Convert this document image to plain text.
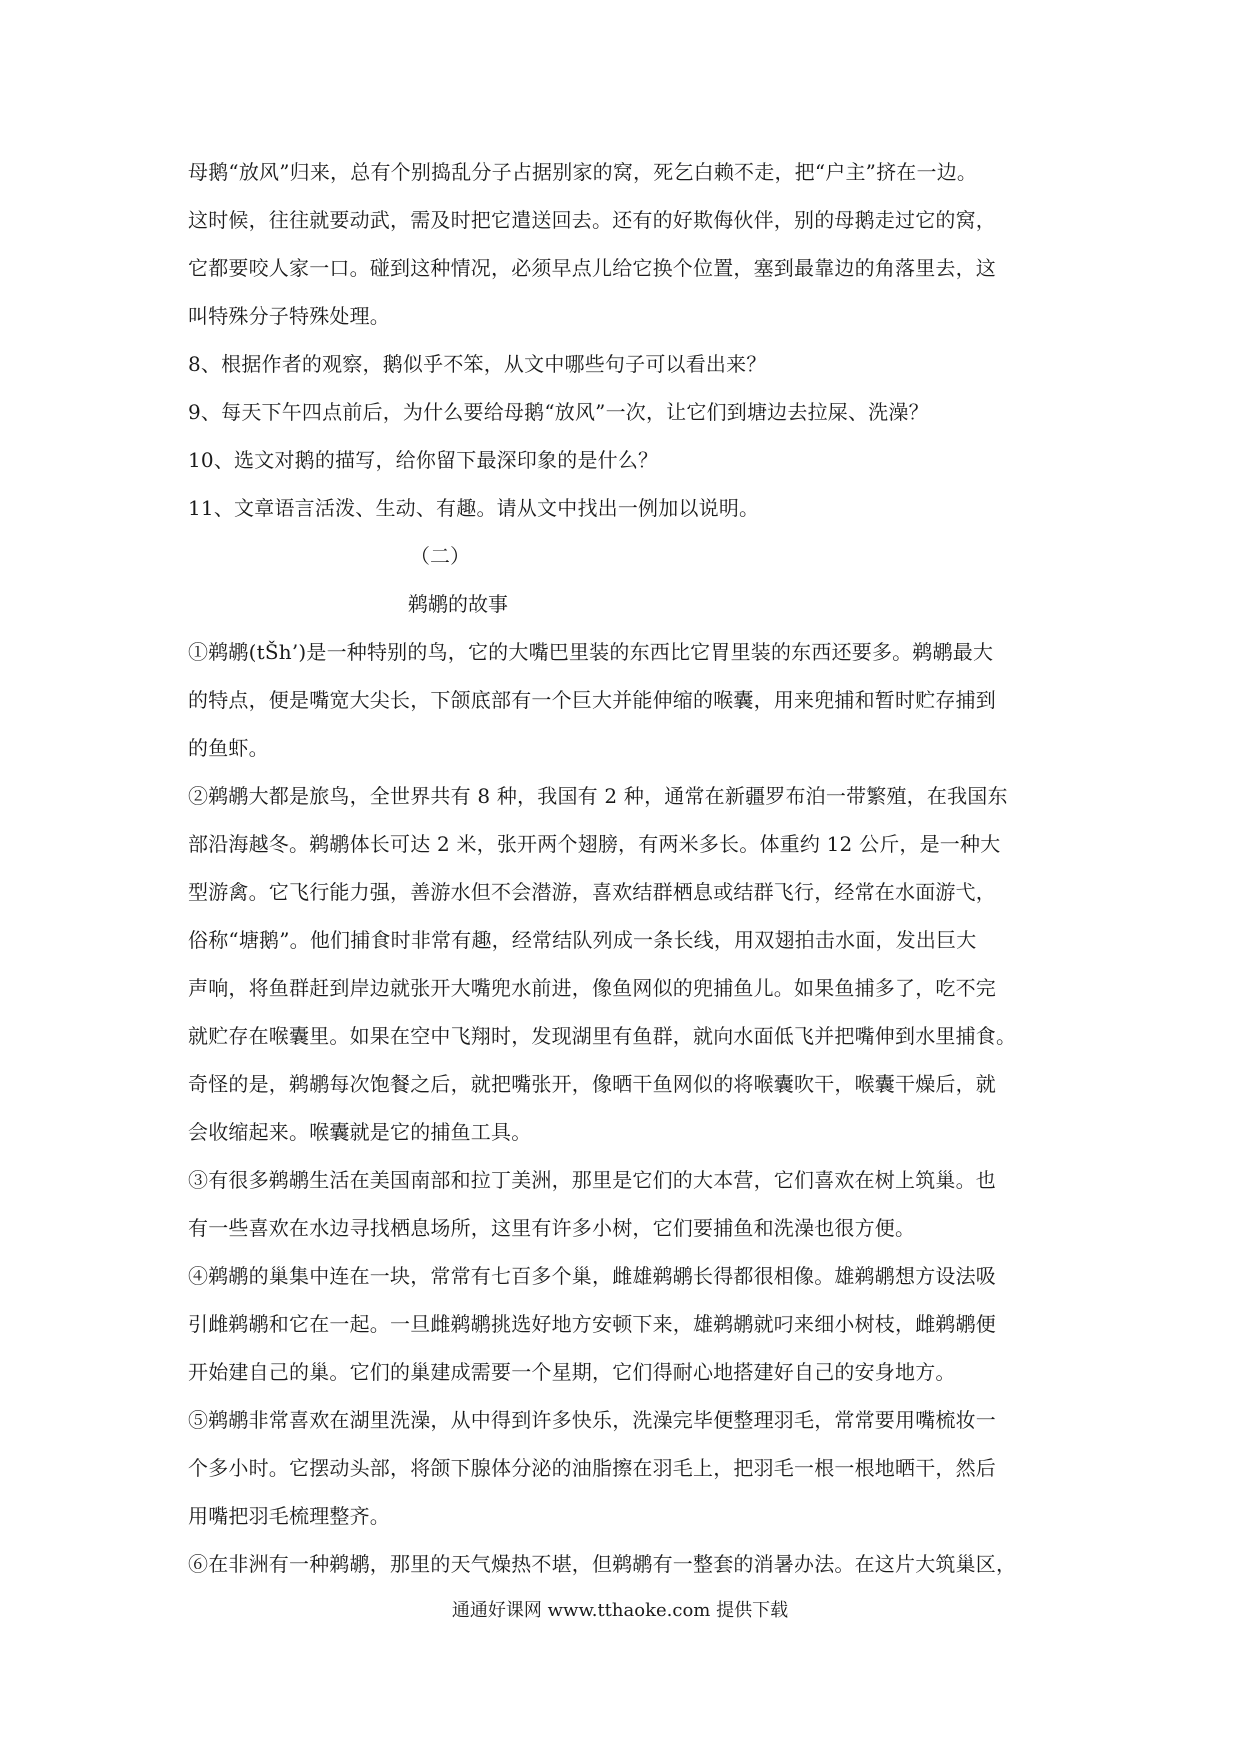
母鹅“放风”归来，总有个别捣乱分子占据别家的窝，死乞白赖不走，把“户主”挤在一边。
这时候，往往就要动武，需及时把它遣送回去。还有的好欺侮伙伴，别的母鹅走过它的窝，
它都要咬人家一口。碰到这种情况，必须早点儿给它换个位置，塞到最靠边的角落里去，这
叫特殊分子特殊处理。
8、根据作者的观察，鹅似乎不笨，从文中哪些句子可以看出来？
9、每天下午四点前后，为什么要给母鹅“放风”一次，让它们到塘边去拉屎、洗澡？
10、选文对鹅的描写，给你留下最深印象的是什么？
11、文章语言活泼、生动、有趣。请从文中找出一例加以说明。
（二）
鹈鹕的故事
①鹈鹕(tŠh’)是一种特别的鸟，它的大嘴巴里装的东西比它胃里装的东西还要多。鹈鹕最大
的特点，便是嘴宽大尖长，下颌底部有一个巨大并能伸缩的喉囊，用来兜捕和暂时贮存捕到
的鱼虾。
②鹈鹕大都是旅鸟，全世界共有 8 种，我国有 2 种，通常在新疆罗布泊一带繁殖，在我国东
部沿海越冬。鹈鹕体长可达 2 米，张开两个翅膀，有两米多长。体重约 12 公斤，是一种大
型游禽。它飞行能力强，善游水但不会潜游，喜欢结群栖息或结群飞行，经常在水面游弋，
俗称“塘鹅”。他们捕食时非常有趣，经常结队列成一条长线，用双翅拍击水面，发出巨大
声响，将鱼群赶到岸边就张开大嘴兜水前进，像鱼网似的兜捕鱼儿。如果鱼捕多了，吃不完
就贮存在喉囊里。如果在空中飞翔时，发现湖里有鱼群，就向水面低飞并把嘴伸到水里捕食。
奇怪的是，鹈鹕每次饱餐之后，就把嘴张开，像晒干鱼网似的将喉囊吹干，喉囊干燥后，就
会收缩起来。喉囊就是它的捕鱼工具。
③有很多鹈鹕生活在美国南部和拉丁美洲，那里是它们的大本营，它们喜欢在树上筑巢。也
有一些喜欢在水边寻找栖息场所，这里有许多小树，它们要捕鱼和洗澡也很方便。
④鹈鹕的巢集中连在一块，常常有七百多个巢，雌雄鹈鹕长得都很相像。雄鹈鹕想方设法吸
引雌鹈鹕和它在一起。一旦雌鹈鹕挑选好地方安顿下来，雄鹈鹕就叼来细小树枝，雌鹈鹕便
开始建自己的巢。它们的巢建成需要一个星期，它们得耐心地搭建好自己的安身地方。
⑤鹈鹕非常喜欢在湖里洗澡，从中得到许多快乐，洗澡完毕便整理羽毛，常常要用嘴梳妆一
个多小时。它摆动头部，将颌下腺体分泌的油脂擦在羽毛上，把羽毛一根一根地晒干，然后
用嘴把羽毛梳理整齐。
⑥在非洲有一种鹈鹕，那里的天气燥热不堪，但鹈鹕有一整套的消暑办法。在这片大筑巢区，
通通好课网 www.tthaoke.com 提供下载
